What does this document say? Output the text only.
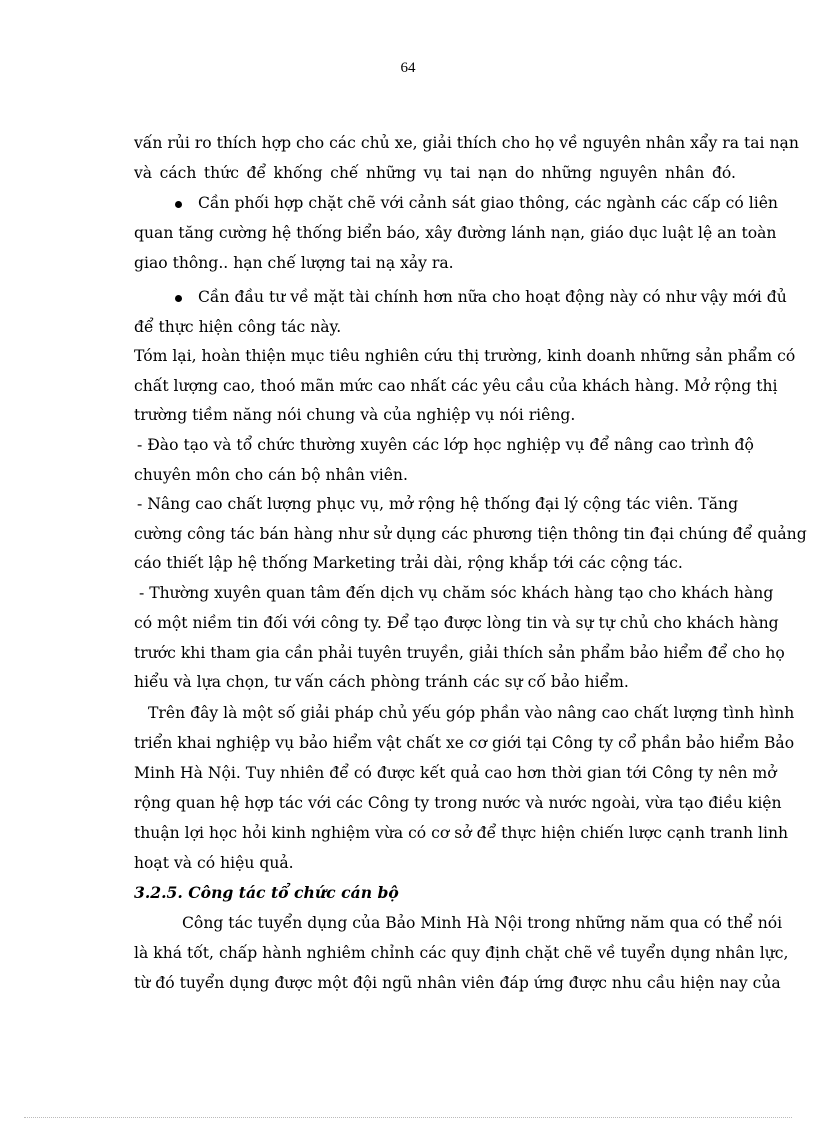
64
vấn rủi ro thích hợp cho các chủ xe, giải thích cho họ về nguyên nhân xẩy ra tai nạn
và cách thức để khống chế những vụ tai nạn do những nguyên nhân đó.
Cần phối hợp chặt chẽ với cảnh sát giao thông, các ngành các cấp có liên
quan tăng cường hệ thống biển báo, xây đường lánh nạn, giáo dục luật lệ an toàn
giao thông.. hạn chế lượng tai nạ xảy ra.
Cần đầu tư về mặt tài chính hơn nữa cho hoạt động này có như vậy mới đủ
để thực hiện công tác này.
Tóm lại, hoàn thiện mục tiêu nghiên cứu thị trường, kinh doanh những sản phẩm có
chất lượng cao, thoó mãn mức cao nhất các yêu cầu của khách hàng. Mở rộng thị
trường tiềm năng nói chung và của nghiệp vụ nói riêng.
- Đào tạo và tổ chức thường xuyên các lớp học nghiệp vụ để nâng cao trình độ
chuyên môn cho cán bộ nhân viên.
- Nâng cao chất lượng phục vụ, mở rộng hệ thống đại lý cộng tác viên. Tăng
cường công tác bán hàng như sử dụng các phương tiện thông tin đại chúng để quảng
cáo thiết lập hệ thống Marketing trải dài, rộng khắp tới các cộng tác.
- Thường xuyên quan tâm đến dịch vụ chăm sóc khách hàng tạo cho khách hàng
có một niềm tin đối với công ty. Để tạo được lòng tin và sự tự chủ cho khách hàng
trước khi tham gia cần phải tuyên truyền, giải thích sản phẩm bảo hiểm để cho họ
hiểu và lựa chọn, tư vấn cách phòng tránh các sự cố bảo hiểm.
Trên đây là một số giải pháp chủ yếu góp phần vào nâng cao chất lượng tình hình
triển khai nghiệp vụ bảo hiểm vật chất xe cơ giới tại Công ty cổ phần bảo hiểm Bảo
Minh Hà Nội. Tuy nhiên để có được kết quả cao hơn thời gian tới Công ty nên mở
rộng quan hệ hợp tác với các Công ty trong nước và nước ngoài, vừa tạo điều kiện
thuận lợi học hỏi kinh nghiệm vừa có cơ sở để thực hiện chiến lược cạnh tranh linh
hoạt và có hiệu quả.
3.2.5. Công tác tổ chức cán bộ
Công tác tuyển dụng của Bảo Minh Hà Nội trong những năm qua có thể nói
là khá tốt, chấp hành nghiêm chỉnh các quy định chặt chẽ về tuyển dụng nhân lực,
từ đó tuyển dụng được một đội ngũ nhân viên đáp ứng được nhu cầu hiện nay của
